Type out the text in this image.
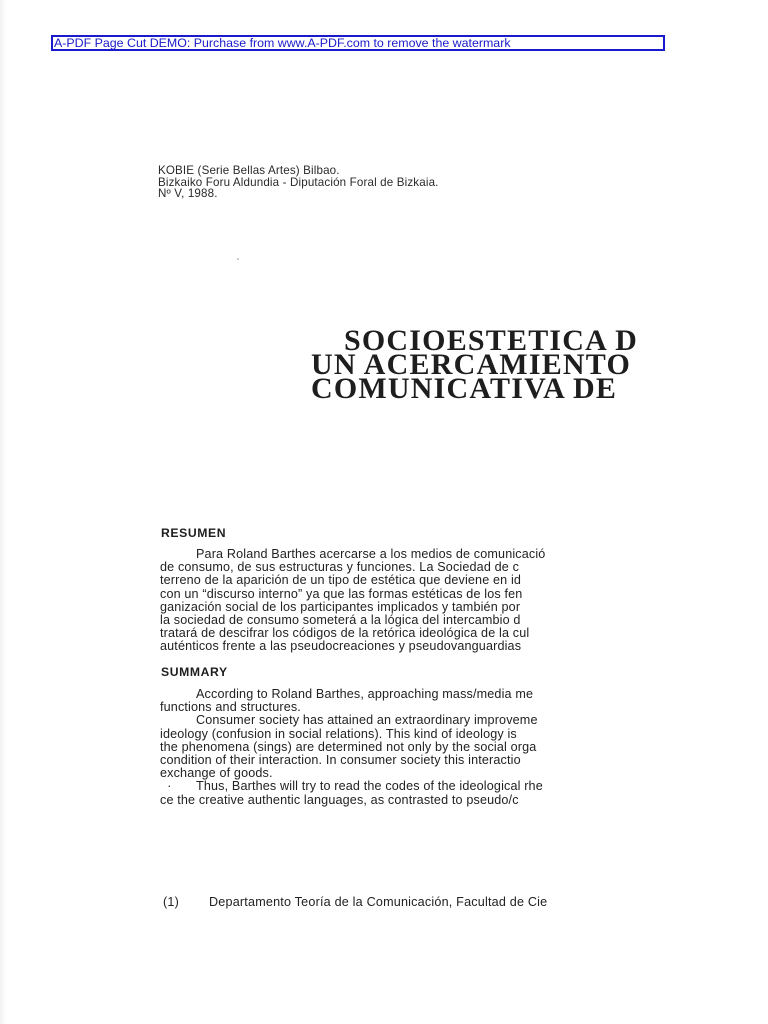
A-PDF Page Cut DEMO: Purchase from www.A-PDF.com to remove the watermark
KOBIE (Serie Bellas Artes) Bilbao.
Bizkaiko Foru Aldundia - Diputación Foral de Bizkaia.
Nº V, 1988.
SOCIOESTETICA D
UN ACERCAMIENTO
COMUNICATIVA DE
RESUMEN
Para Roland Barthes acercarse a los medios de comunicació
de consumo, de sus estructuras y funciones. La Sociedad de c
terreno de la aparición de un tipo de estética que deviene en id
con un “discurso interno” ya que las formas estéticas de los fen
ganización social de los participantes implicados y también por
la sociedad de consumo someterá a la lógica del intercambio d
tratará de descifrar los códigos de la retórica ideológica de la cul
auténticos frente a las pseudocreaciones y pseudovanguardias
SUMMARY
According to Roland Barthes, approaching mass/media me
functions and structures.
Consumer society has attained an extraordinary improveme
ideology (confusion in social relations). This kind of ideology is
the phenomena (sings) are determined not only by the social orga
condition of their interaction. In consumer society this interactio
exchange of goods.
· Thus, Barthes will try to read the codes of the ideological rhe
ce the creative authentic languages, as contrasted to pseudo/c
(1) Departamento Teoría de la Comunicación, Facultad de Cie
